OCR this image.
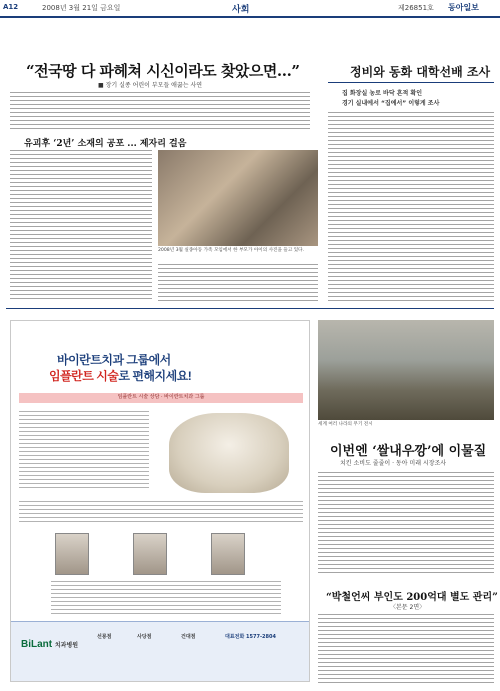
A12	2008년 3월 21일 금요일	사회	제26851호 동아일보
“전국땅 다 파헤쳐 시신이라도 찾았으면…”
■ 장기 실종 어린이 부모들 애끓는 사연
유괴후 ‘2년’ 소재의 공포 ... 제자리 걸음
2008년 3월 실종아동 가족 모임에서 한 부모가 아이의 사진을 들고 있다.
정비와 동화 대학선배 조사
집 화장실 농로 바닥 흔적 확인
경기 실내에서 “집에서” 이렇게 조사
바이란트치과 그룹에서
임플란트 시술로 편해지세요!
임플란트 시술 상담 · 바이란트치과 그룹
BiLant 치과병원
선릉점	사당점	건대점	대표전화 1577-2804
세계 여러 나라의 무기 전시
이번엔 ‘쌀내우깡’에 이물질
치킨 소비도 줄줄이 · 동아 미래 시장조사
“박철언씨 부인도 200억대 별도 관리”
〈본문 2면〉
